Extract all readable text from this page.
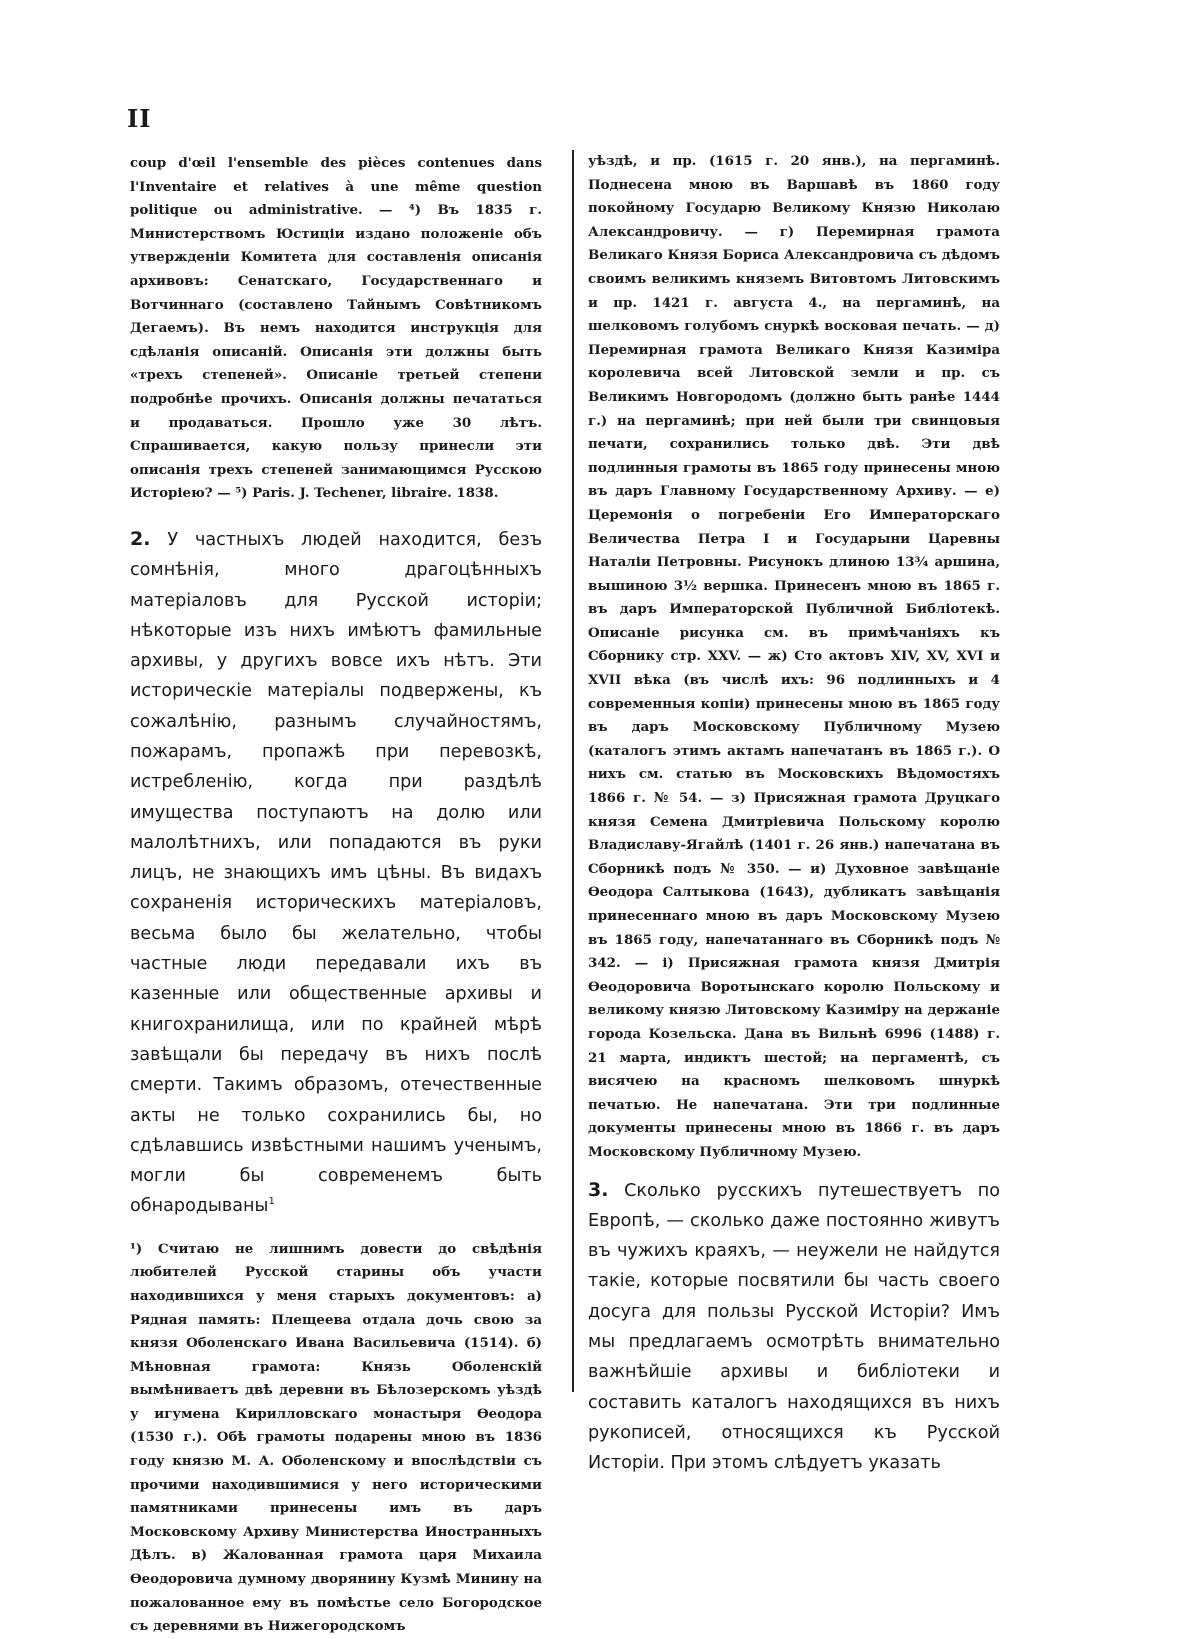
II

coup d'œil l'ensemble des pièces contenues dans l'Inventaire et relatives à une même question politique ou administrative. — ⁴) Въ 1835 г. Министерствомъ Юстиціи издано положеніе объ утвержденіи Комитета для составленія описанія архивовъ: Сенатскаго, Государственнаго и Вотчиннаго (составлено Тайнымъ Совѣтникомъ Дегаемъ). Въ немъ находится инструкція для сдѣланія описаній. Описанія эти должны быть «трехъ степеней». Описаніе третьей степени подробнѣе прочихъ. Описанія должны печататься и продаваться. Прошло уже 30 лѣтъ. Спрашивается, какую пользу принесли эти описанія трехъ степеней занимающимся Русскою Исторіею? — ⁵) Paris. J. Techener, libraire. 1838.

2. У частныхъ людей находится, безъ сомнѣнія, много драгоцѣнныхъ матеріаловъ для Русской исторіи; нѣкоторые изъ нихъ имѣютъ фамильные архивы, у другихъ вовсе ихъ нѣтъ. Эти историческіе матеріалы подвержены, къ сожалѣнію, разнымъ случайностямъ, пожарамъ, пропажѣ при перевозкѣ, истребленію, когда при раздѣлѣ имущества поступаютъ на долю или малолѣтнихъ, или попадаются въ руки лицъ, не знающихъ имъ цѣны. Въ видахъ сохраненія историческихъ матеріаловъ, весьма было бы желательно, чтобы частные люди передавали ихъ въ казенные или общественные архивы и книгохранилища, или по крайней мѣрѣ завѣщали бы передачу въ нихъ послѣ смерти. Такимъ образомъ, отечественные акты не только сохранились бы, но сдѣлавшись извѣстными нашимъ ученымъ, могли бы современемъ быть обнародываны$^1$

¹) Считаю не лишнимъ довести до свѣдѣнія любителей Русской старины объ участи находившихся у меня старыхъ документовъ: а) Рядная память: Плещеева отдала дочь свою за князя Оболенскаго Ивана Васильевича (1514). б) Мѣновная грамота: Князь Оболенскій вымѣниваетъ двѣ деревни въ Бѣлозерскомъ уѣздѣ у игумена Кирилловскаго монастыря Ѳеодора (1530 г.). Обѣ грамоты подарены мною въ 1836 году князю М. А. Оболенскому и впослѣдствіи съ прочими находившимися у него историческими памятниками принесены имъ въ даръ Московскому Архиву Министерства Иностранныхъ Дѣлъ. в) Жалованная грамота царя Михаила Ѳеодоровича думному дворянину Кузмѣ Минину на пожалованное ему въ помѣстье село Богородское съ деревнями въ Нижегородскомъ

уѣздѣ, и пр. (1615 г. 20 янв.), на пергаминѣ. Поднесена мною въ Варшавѣ въ 1860 году покойному Государю Великому Князю Николаю Александровичу. — г) Перемирная грамота Великаго Князя Бориса Александровича съ дѣдомъ своимъ великимъ княземъ Витовтомъ Литовскимъ и пр. 1421 г. августа 4., на пергаминѣ, на шелковомъ голубомъ снуркѣ восковая печать. — д) Перемирная грамота Великаго Князя Казиміра королевича всей Литовской земли и пр. съ Великимъ Новгородомъ (должно быть ранѣе 1444 г.) на пергаминѣ; при ней были три свинцовыя печати, сохранились только двѣ. Эти двѣ подлинныя грамоты въ 1865 году принесены мною въ даръ Главному Государственному Архиву. — е) Церемонія о погребеніи Его Императорскаго Величества Петра I и Государыни Царевны Наталіи Петровны. Рисунокъ длиною 13¾ аршина, вышиною 3½ вершка. Принесенъ мною въ 1865 г. въ даръ Императорской Публичной Библіотекѣ. Описаніе рисунка см. въ примѣчаніяхъ къ Сборнику стр. XXV. — ж) Сто актовъ XIV, XV, XVI и XVII вѣка (въ числѣ ихъ: 96 подлинныхъ и 4 современныя копіи) принесены мною въ 1865 году въ даръ Московскому Публичному Музею (каталогъ этимъ актамъ напечатанъ въ 1865 г.). О нихъ см. статью въ Московскихъ Вѣдомостяхъ 1866 г. № 54. — з) Присяжная грамота Друцкаго князя Семена Дмитріевича Польскому королю Владиславу-Ягайлѣ (1401 г. 26 янв.) напечатана въ Сборникѣ подъ № 350. — и) Духовное завѣщаніе Ѳеодора Салтыкова (1643), дубликатъ завѣщанія принесеннаго мною въ даръ Московскому Музею въ 1865 году, напечатаннаго въ Сборникѣ подъ № 342. — і) Присяжная грамота князя Дмитрія Ѳеодоровича Воротынскаго королю Польскому и великому князю Литовскому Казиміру на держаніе города Козельска. Дана въ Вильнѣ 6996 (1488) г. 21 марта, индиктъ шестой; на пергаментѣ, съ висячею на красномъ шелковомъ шнуркѣ печатью. Не напечатана. Эти три подлинные документы принесены мною въ 1866 г. въ даръ Московскому Публичному Музею.

3. Сколько русскихъ путешествуетъ по Европѣ, — сколько даже постоянно живутъ въ чужихъ краяхъ, — неужели не найдутся такіе, которые посвятили бы часть своего досуга для пользы Русской Исторіи? Имъ мы предлагаемъ осмотрѣть внимательно важнѣйшіе архивы и библіотеки и составить каталогъ находящихся въ нихъ рукописей, относящихся къ Русской Исторіи. При этомъ слѣдуетъ указать
